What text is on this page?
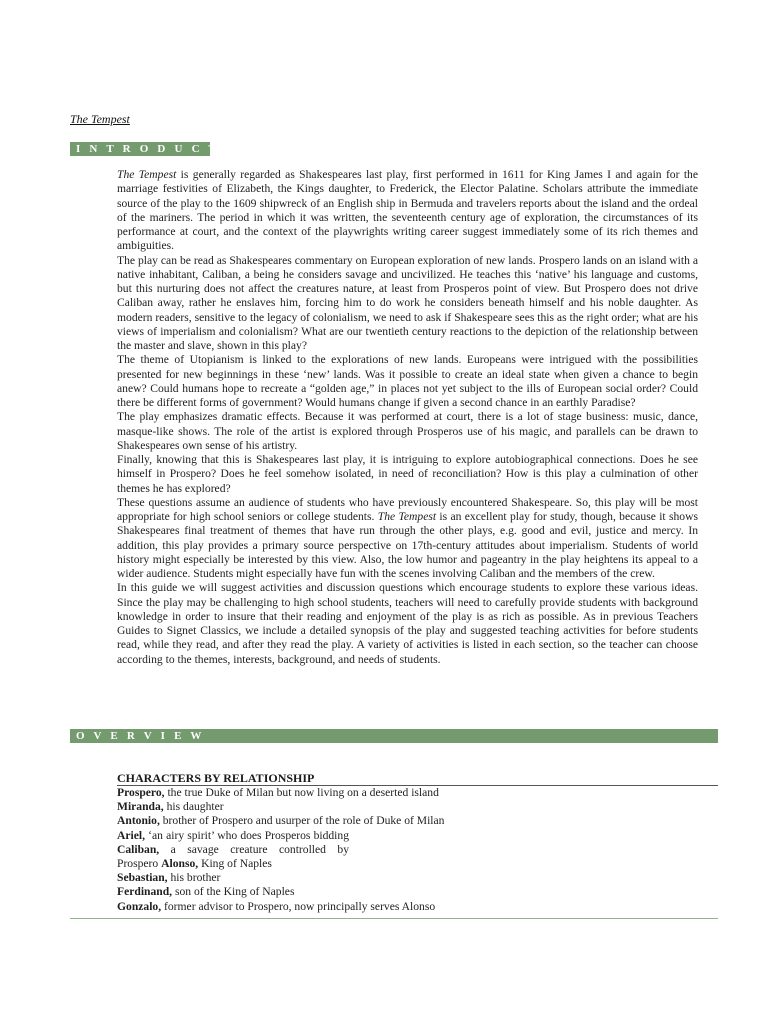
The Tempest
I N T R O D U C T I O N

The Tempest is generally regarded as Shakespeares last play, first performed in 1611 for King James I and again for the marriage festivities of Elizabeth, the Kings daughter, to Frederick, the Elector Palatine. Scholars attribute the immediate source of the play to the 1609 shipwreck of an English ship in Bermuda and travelers reports about the island and the ordeal of the mariners. The period in which it was written, the seventeenth century age of exploration, the circumstances of its performance at court, and the context of the playwrights writing career suggest immediately some of its rich themes and ambiguities.

The play can be read as Shakespeares commentary on European exploration of new lands. Prospero lands on an island with a native inhabitant, Caliban, a being he considers savage and uncivilized. He teaches this ‘native’ his language and customs, but this nurturing does not affect the creatures nature, at least from Prosperos point of view. But Prospero does not drive Caliban away, rather he enslaves him, forcing him to do work he considers beneath himself and his noble daughter. As modern readers, sensitive to the legacy of colonialism, we need to ask if Shakespeare sees this as the right order; what are his views of imperialism and colonialism? What are our twentieth century reactions to the depiction of the relationship between the master and slave, shown in this play?

The theme of Utopianism is linked to the explorations of new lands. Europeans were intrigued with the possibilities presented for new beginnings in these ‘new’ lands. Was it possible to create an ideal state when given a chance to begin anew? Could humans hope to recreate a “golden age,” in places not yet subject to the ills of European social order? Could there be different forms of government? Would humans change if given a second chance in an earthly Paradise?

The play emphasizes dramatic effects. Because it was performed at court, there is a lot of stage business: music, dance, masque-like shows. The role of the artist is explored through Prosperos use of his magic, and parallels can be drawn to Shakespeares own sense of his artistry.

Finally, knowing that this is Shakespeares last play, it is intriguing to explore autobiographical connections. Does he see himself in Prospero? Does he feel somehow isolated, in need of reconciliation? How is this play a culmination of other themes he has explored?

These questions assume an audience of students who have previously encountered Shakespeare. So, this play will be most appropriate for high school seniors or college students. The Tempest is an excellent play for study, though, because it shows Shakespeares final treatment of themes that have run through the other plays, e.g. good and evil, justice and mercy. In addition, this play provides a primary source perspective on 17th-century attitudes about imperialism. Students of world history might especially be interested by this view. Also, the low humor and pageantry in the play heightens its appeal to a wider audience. Students might especially have fun with the scenes involving Caliban and the members of the crew.

In this guide we will suggest activities and discussion questions which encourage students to explore these various ideas. Since the play may be challenging to high school students, teachers will need to carefully provide students with background knowledge in order to insure that their reading and enjoyment of the play is as rich as possible. As in previous Teachers Guides to Signet Classics, we include a detailed synopsis of the play and suggested teaching activities for before students read, while they read, and after they read the play. A variety of activities is listed in each section, so the teacher can choose according to the themes, interests, background, and needs of students.

O V E R V I E W
CHARACTERS BY RELATIONSHIP
Prospero, the true Duke of Milan but now living on a deserted island
Miranda, his daughter
Antonio, brother of Prospero and usurper of the role of Duke of Milan
Ariel, ‘an airy spirit’ who does Prosperos bidding Caliban, a savage creature controlled by Prospero Alonso, King of Naples
Sebastian, his brother
Ferdinand, son of the King of Naples
Gonzalo, former advisor to Prospero, now principally serves Alonso
